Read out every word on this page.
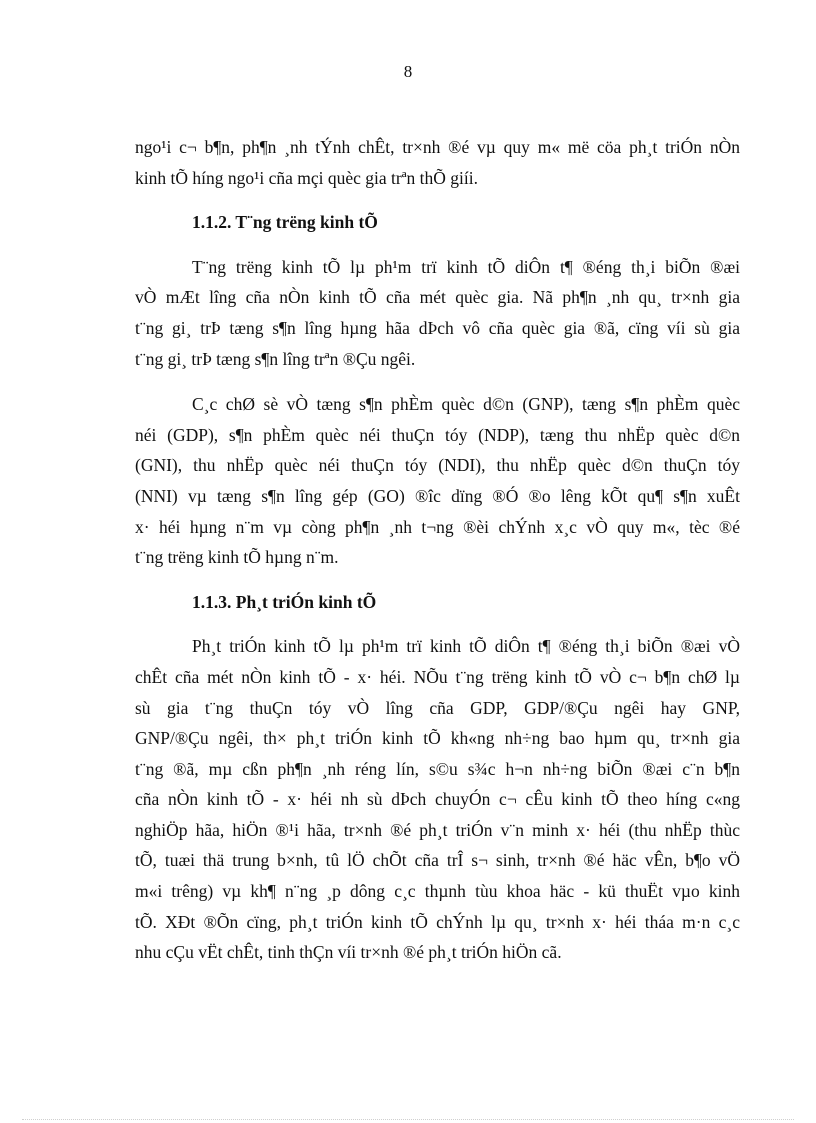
8
ngo¹i c¬ b¶n, ph¶n ¸nh tÝnh chÊt, tr×nh ®é vµ quy m« më cöa ph¸t triÓn nÒn
kinh tÕ híng ngo¹i cña mçi quèc gia trªn thÕ giíi.
1.1.2. T¨ng trëng kinh tÕ
T¨ng trëng kinh tÕ lµ ph¹m trï kinh tÕ diÔn t¶ ®éng th¸i biÕn ®æi
vÒ mÆt lîng cña nÒn kinh tÕ cña mét quèc gia. Nã ph¶n ¸nh qu¸ tr×nh gia
t¨ng gi¸ trÞ tæng s¶n lîng hµng hãa dÞch vô cña quèc gia ®ã, cïng víi sù gia
t¨ng gi¸ trÞ tæng s¶n lîng trªn ®Çu ngêi.
C¸c chØ sè vÒ tæng s¶n phÈm quèc d©n (GNP), tæng s¶n phÈm quèc
néi (GDP), s¶n phÈm quèc néi thuÇn tóy (NDP), tæng thu nhËp quèc d©n
(GNI), thu nhËp quèc néi thuÇn tóy (NDI), thu nhËp quèc d©n thuÇn tóy
(NNI) vµ tæng s¶n lîng gép (GO) ®îc dïng ®Ó ®o lêng kÕt qu¶ s¶n xuÊt
x· héi hµng n¨m vµ còng ph¶n ¸nh t¬ng ®èi chÝnh x¸c vÒ quy m«, tèc ®é
t¨ng trëng kinh tÕ hµng n¨m.
1.1.3. Ph¸t triÓn kinh tÕ
Ph¸t triÓn kinh tÕ lµ ph¹m trï kinh tÕ diÔn t¶ ®éng th¸i biÕn ®æi vÒ
chÊt cña mét nÒn kinh tÕ - x· héi. NÕu t¨ng trëng kinh tÕ vÒ c¬ b¶n chØ lµ
sù gia t¨ng thuÇn tóy vÒ lîng cña GDP, GDP/®Çu ngêi hay GNP,
GNP/®Çu ngêi, th× ph¸t triÓn kinh tÕ kh«ng nh÷ng bao hµm qu¸ tr×nh gia
t¨ng ®ã, mµ cßn ph¶n ¸nh réng lín, s©u s¾c h¬n nh÷ng biÕn ®æi c¨n b¶n
cña nÒn kinh tÕ - x· héi nh sù dÞch chuyÓn c¬ cÊu kinh tÕ theo híng c«ng
nghiÖp hãa, hiÖn ®¹i hãa, tr×nh ®é ph¸t triÓn v¨n minh x· héi (thu nhËp thùc
tÕ, tuæi thä trung b×nh, tû lÖ chÕt cña trÎ s¬ sinh, tr×nh ®é häc vÊn, b¶o vÖ
m«i trêng) vµ kh¶ n¨ng ¸p dông c¸c thµnh tùu khoa häc - kü thuËt vµo kinh
tÕ. XÐt ®Õn cïng, ph¸t triÓn kinh tÕ chÝnh lµ qu¸ tr×nh x· héi tháa m·n c¸c
nhu cÇu vËt chÊt, tinh thÇn víi tr×nh ®é ph¸t triÓn hiÖn cã.
